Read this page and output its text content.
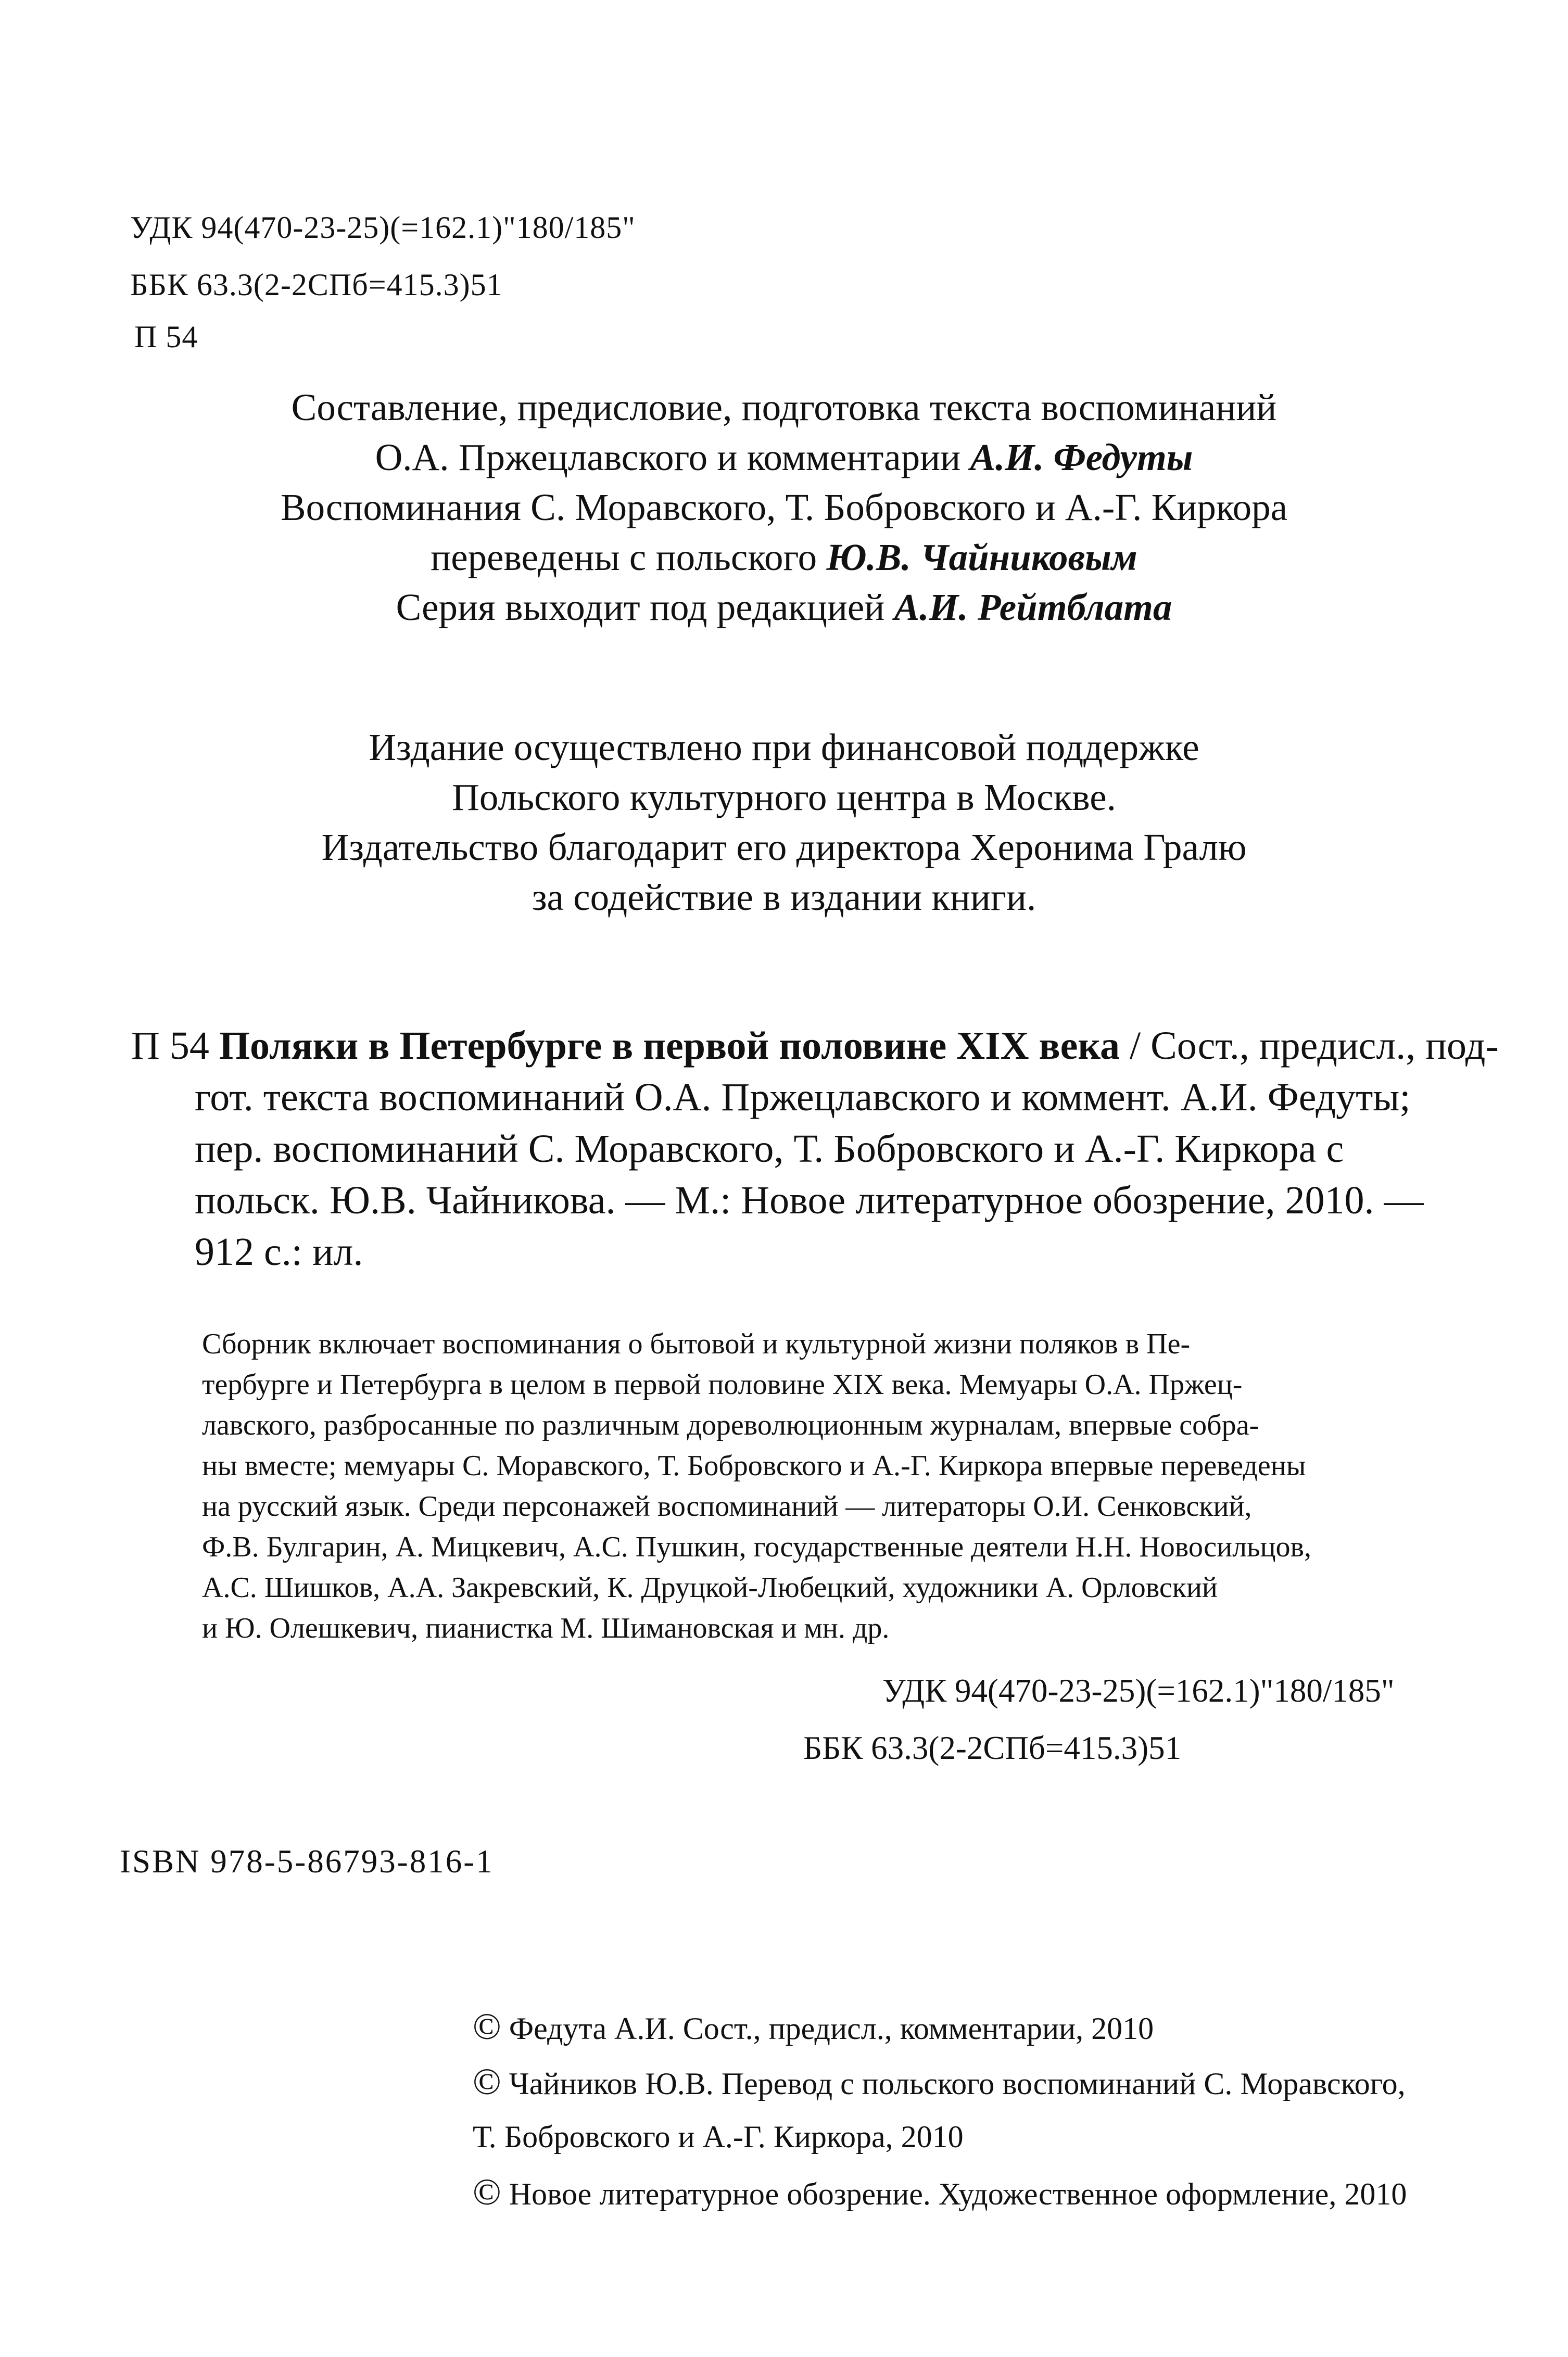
УДК 94(470-23-25)(=162.1)"180/185"
ББК 63.3(2-2СПб=415.3)51
П 54
Составление, предисловие, подготовка текста воспоминаний
О.А. Пржецлавского и комментарии А.И. Федуты
Воспоминания С. Моравского, Т. Бобровского и А.-Г. Киркора
переведены с польского Ю.В. Чайниковым
Серия выходит под редакцией А.И. Рейтблата
Издание осуществлено при финансовой поддержке
Польского культурного центра в Москве.
Издательство благодарит его директора Херонима Гралю
за содействие в издании книги.
П 54 Поляки в Петербурге в первой половине XIX века / Сост., предисл., под-
гот. текста воспоминаний О.А. Пржецлавского и коммент. А.И. Федуты;
пер. воспоминаний С. Моравского, Т. Бобровского и А.-Г. Киркора с
польск. Ю.В. Чайникова. — М.: Новое литературное обозрение, 2010. —
912 с.: ил.
Сборник включает воспоминания о бытовой и культурной жизни поляков в Пе-
тербурге и Петербурга в целом в первой половине XIX века. Мемуары О.А. Пржец-
лавского, разбросанные по различным дореволюционным журналам, впервые собра-
ны вместе; мемуары С. Моравского, Т. Бобровского и А.-Г. Киркора впервые переведены
на русский язык. Среди персонажей воспоминаний — литераторы О.И. Сенковский,
Ф.В. Булгарин, А. Мицкевич, А.С. Пушкин, государственные деятели Н.Н. Новосильцов,
А.С. Шишков, А.А. Закревский, К. Друцкой-Любецкий, художники А. Орловский
и Ю. Олешкевич, пианистка М. Шимановская и мн. др.
УДК 94(470-23-25)(=162.1)"180/185"
ББК 63.3(2-2СПб=415.3)51
ISBN 978-5-86793-816-1
© Федута А.И. Сост., предисл., комментарии, 2010
© Чайников Ю.В. Перевод с польского воспоминаний С. Моравского,
Т. Бобровского и А.-Г. Киркора, 2010
© Новое литературное обозрение. Художественное оформление, 2010
